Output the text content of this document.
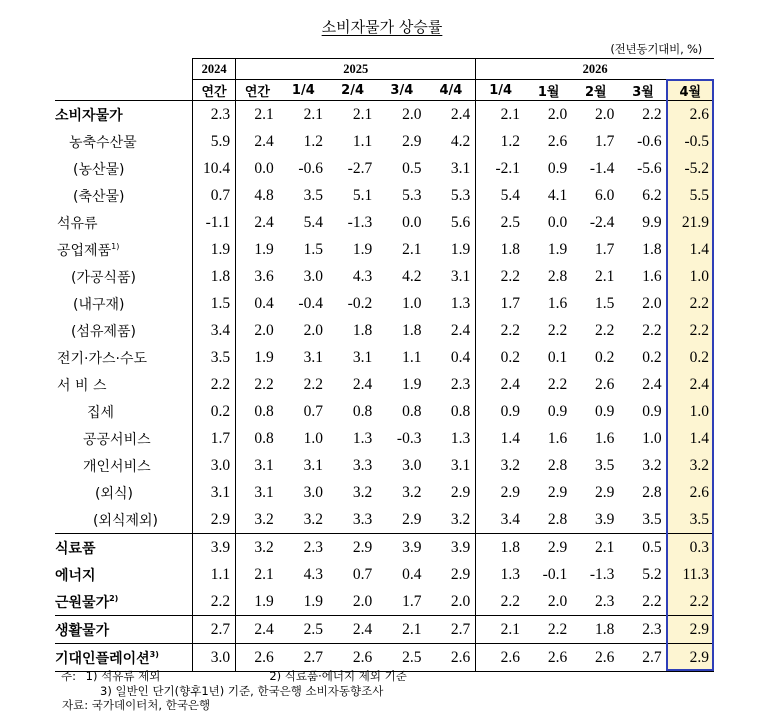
소비자물가 상승률
(전년동기대비, %)
	2024	2025					2026				
	연간	연간	1/4	2/4	3/4	4/4	1/4	1월	2월	3월	4월
소비자물가	2.3	2.1	2.1	2.1	2.0	2.4	2.1	2.0	2.0	2.2	2.6
농축수산물	5.9	2.4	1.2	1.1	2.9	4.2	1.2	2.6	1.7	-0.6	-0.5
(농산물)	10.4	0.0	-0.6	-2.7	0.5	3.1	-2.1	0.9	-1.4	-5.6	-5.2
(축산물)	0.7	4.8	3.5	5.1	5.3	5.3	5.4	4.1	6.0	6.2	5.5
석유류	-1.1	2.4	5.4	-1.3	0.0	5.6	2.5	0.0	-2.4	9.9	21.9
공업제품$^{1)}$	1.9	1.9	1.5	1.9	2.1	1.9	1.8	1.9	1.7	1.8	1.4
(가공식품)	1.8	3.6	3.0	4.3	4.2	3.1	2.2	2.8	2.1	1.6	1.0
(내구재)	1.5	0.4	-0.4	-0.2	1.0	1.3	1.7	1.6	1.5	2.0	2.2
(섬유제품)	3.4	2.0	2.0	1.8	1.8	2.4	2.2	2.2	2.2	2.2	2.2
전기·가스·수도	3.5	1.9	3.1	3.1	1.1	0.4	0.2	0.1	0.2	0.2	0.2
서 비 스	2.2	2.2	2.2	2.4	1.9	2.3	2.4	2.2	2.6	2.4	2.4
집세	0.2	0.8	0.7	0.8	0.8	0.8	0.9	0.9	0.9	0.9	1.0
공공서비스	1.7	0.8	1.0	1.3	-0.3	1.3	1.4	1.6	1.6	1.0	1.4
개인서비스	3.0	3.1	3.1	3.3	3.0	3.1	3.2	2.8	3.5	3.2	3.2
(외식)	3.1	3.1	3.0	3.2	3.2	2.9	2.9	2.9	2.9	2.8	2.6
(외식제외)	2.9	3.2	3.2	3.3	2.9	3.2	3.4	2.8	3.9	3.5	3.5
식료품	3.9	3.2	2.3	2.9	3.9	3.9	1.8	2.9	2.1	0.5	0.3
에너지	1.1	2.1	4.3	0.7	0.4	2.9	1.3	-0.1	-1.3	5.2	11.3
근원물가$^{2)}$	2.2	1.9	1.9	2.0	1.7	2.0	2.2	2.0	2.3	2.2	2.2
생활물가	2.7	2.4	2.5	2.4	2.1	2.7	2.1	2.2	1.8	2.3	2.9
기대인플레이션$^{3)}$	3.0	2.6	2.7	2.6	2.5	2.6	2.6	2.6	2.6	2.7	2.9
주: 1) 석유류 제외	2) 식료품·에너지 제외 기준
3) 일반인 단기(향후1년) 기준, 한국은행 소비자동향조사
자료: 국가데이터처, 한국은행
